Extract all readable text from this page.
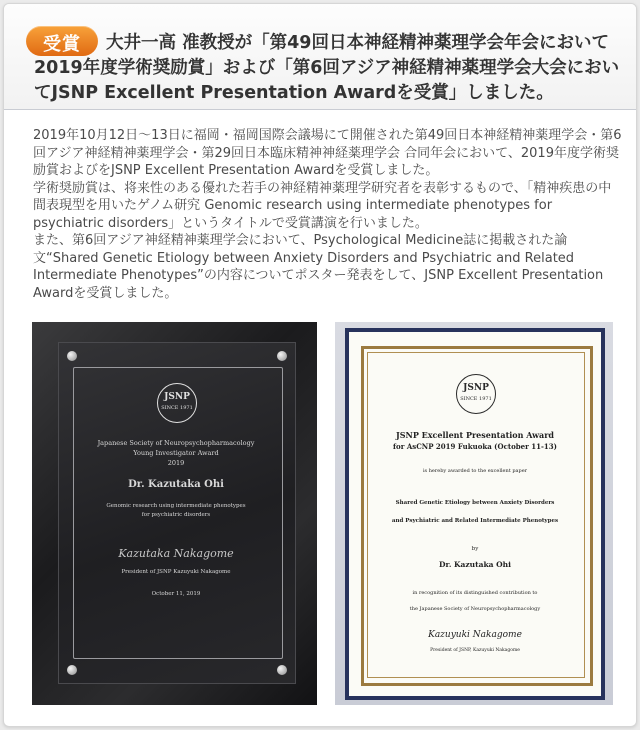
受賞	大井一高 准教授が「第49回日本神経精神薬理学会年会において2019年度学術奨励賞」および「第6回アジア神経精神薬理学会大会においてJSNP Excellent Presentation Awardを受賞」しました。

2019年10月12日～13日に福岡・福岡国際会議場にて開催された第49回日本神経精神薬理学会・第6回アジア神経精神薬理学会・第29回日本臨床精神神経薬理学会 合同年会において、2019年度学術奨励賞およびをJSNP Excellent Presentation Awardを受賞しました。

学術奨励賞は、将来性のある優れた若手の神経精神薬理学研究者を表彰するもので、「精神疾患の中間表現型を用いたゲノム研究 Genomic research using intermediate phenotypes for psychiatric disorders」というタイトルで受賞講演を行いました。

また、第6回アジア神経精神薬理学会において、Psychological Medicine誌に掲載された論文“Shared Genetic Etiology between Anxiety Disorders and Psychiatric and Related Intermediate Phenotypes”の内容についてポスター発表をして、JSNP Excellent Presentation Awardを受賞しました。

JSNP
SINCE 1971

Japanese Society of Neuropsychopharmacology

Young Investigator Award

2019

Dr. Kazutaka Ohi

Genomic research using intermediate phenotypes

for psychiatric disorders

Kazutaka Nakagome

President of JSNP Kazuyuki Nakagome

October 11, 2019

JSNP
SINCE 1971

JSNP Excellent Presentation Award

for AsCNP 2019 Fukuoka (October 11-13)

is hereby awarded to the excellent paper

Shared Genetic Etiology between Anxiety Disorders

and Psychiatric and Related Intermediate Phenotypes

by

Dr. Kazutaka Ohi

in recognition of its distinguished contribution to

the Japanese Society of Neuropsychopharmacology

Kazuyuki Nakagome

President of JSNP, Kazuyuki Nakagome
